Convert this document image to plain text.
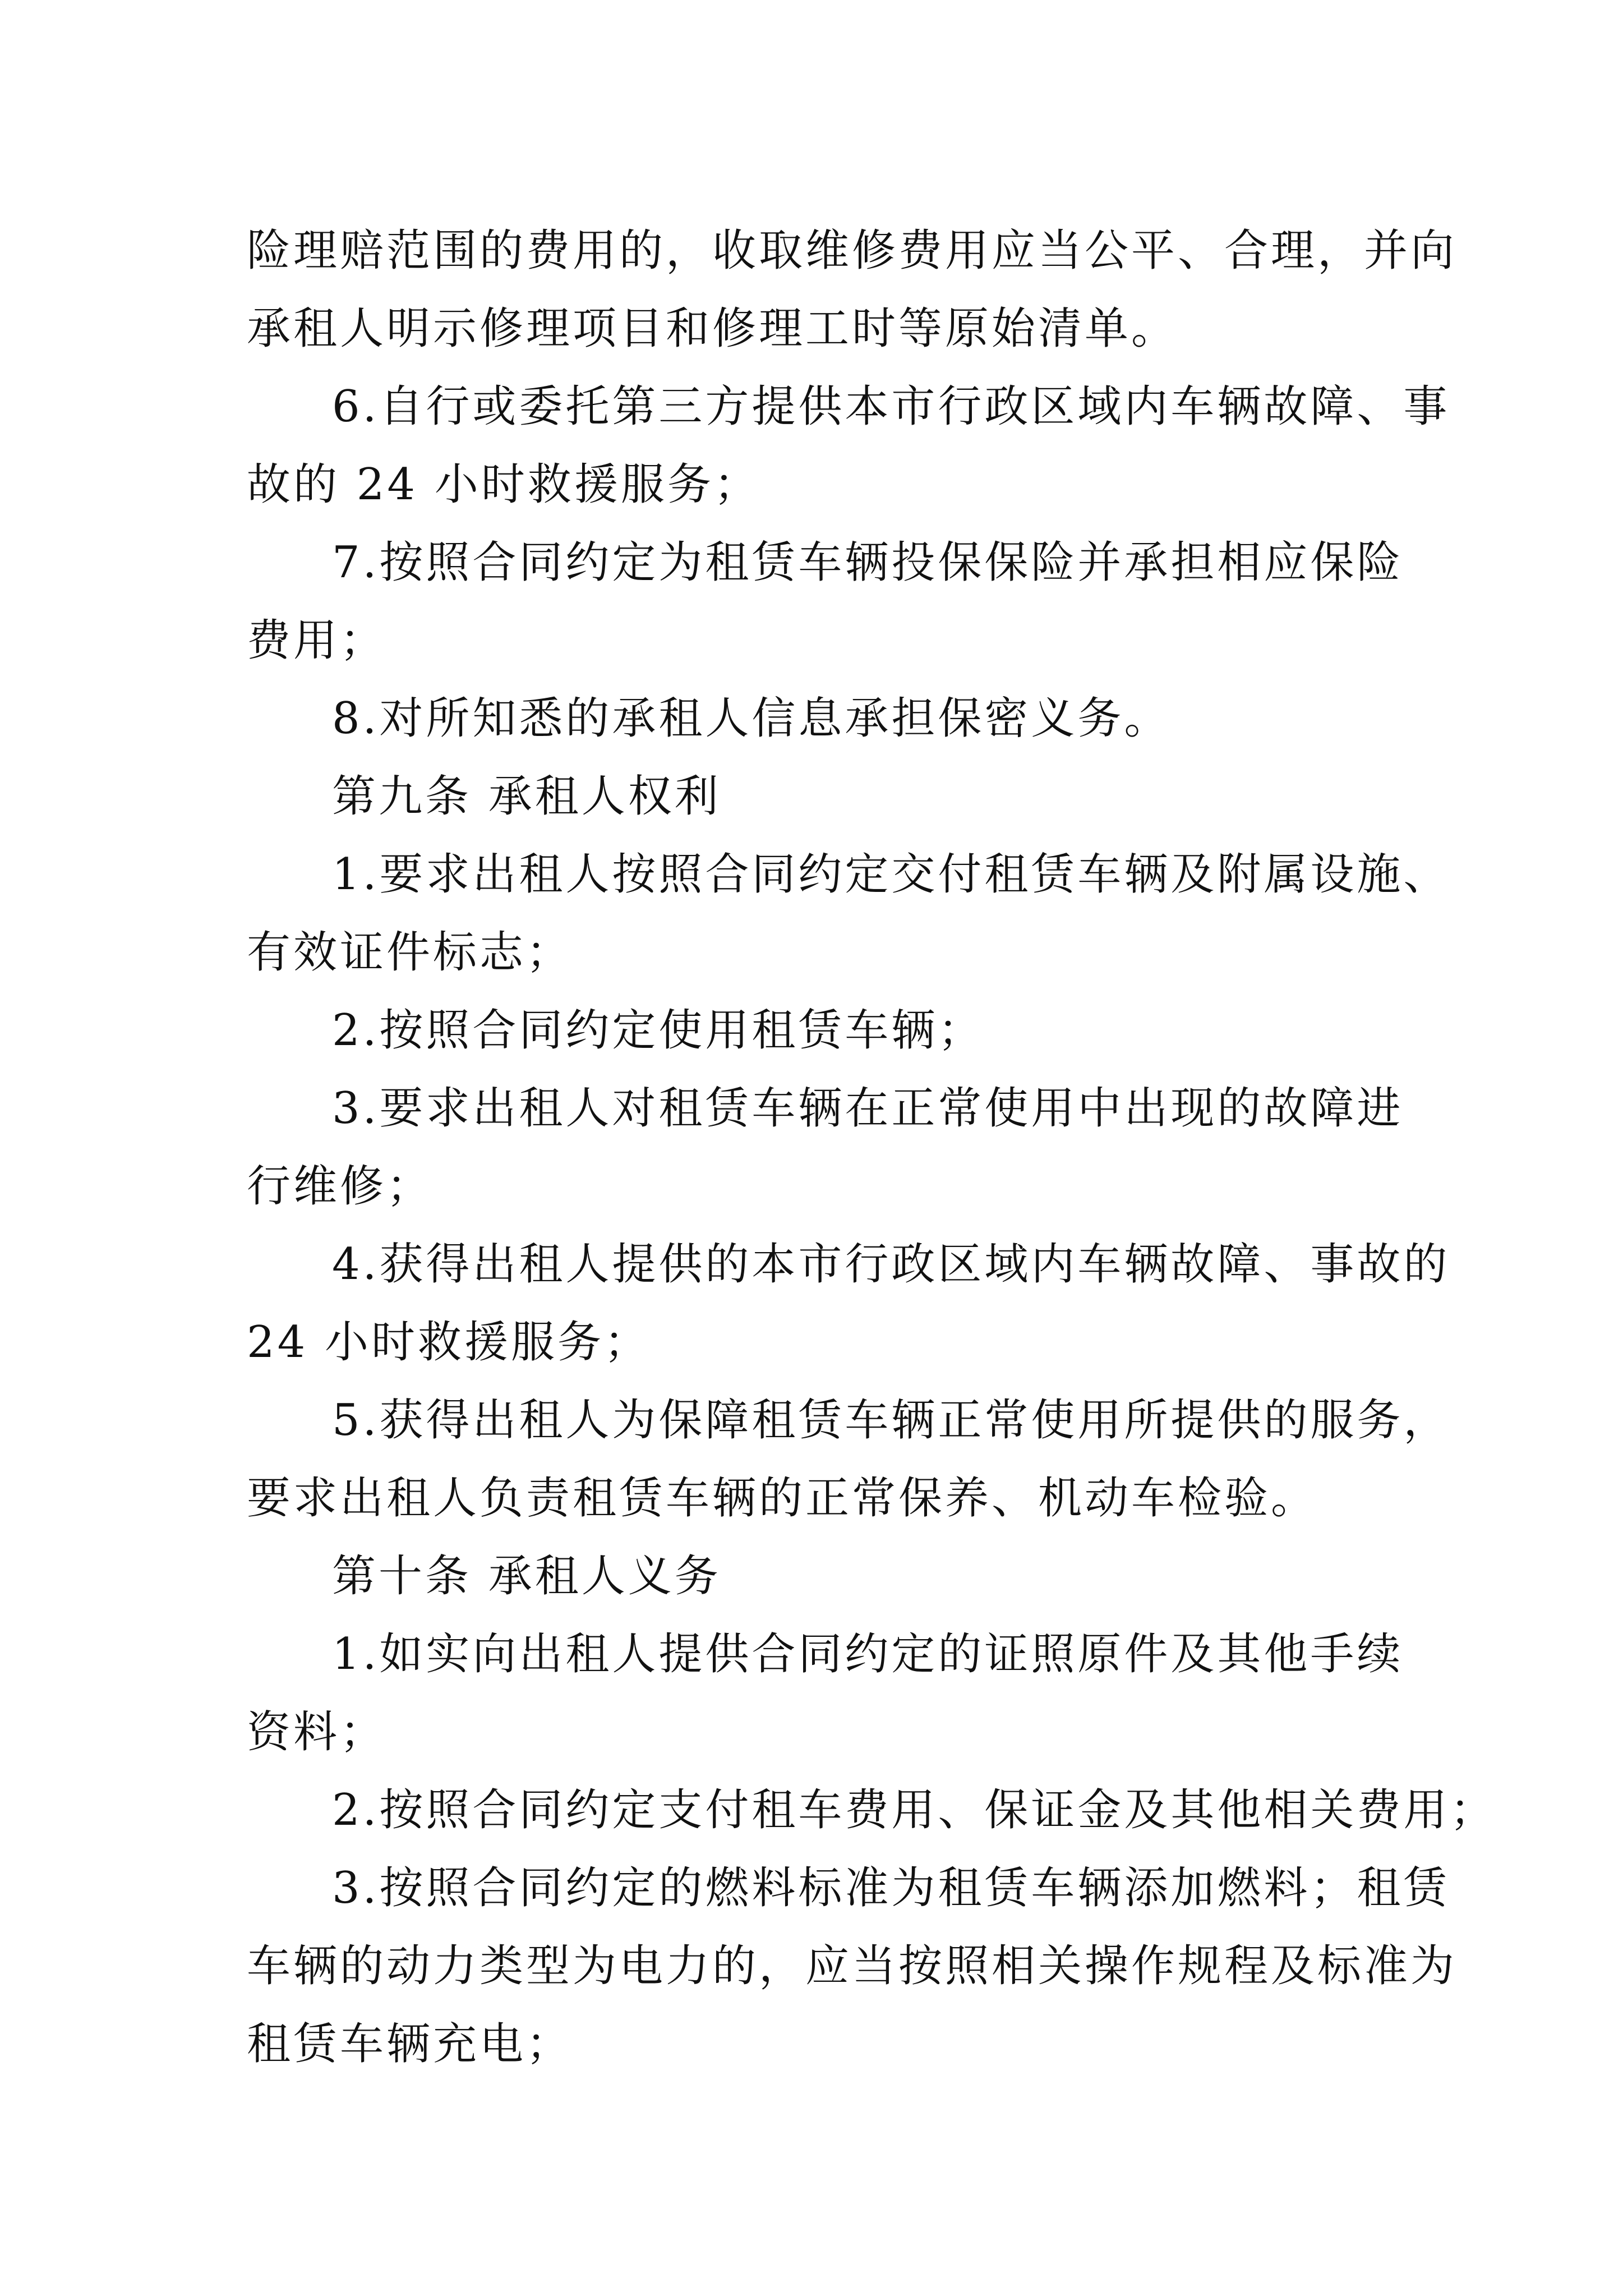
险理赔范围的费用的，收取维修费用应当公平、合理，并向

承租人明示修理项目和修理工时等原始清单。

6.自行或委托第三方提供本市行政区域内车辆故障、事

故的 24 小时救援服务；

7.按照合同约定为租赁车辆投保保险并承担相应保险

费用；

8.对所知悉的承租人信息承担保密义务。

第九条 承租人权利

1.要求出租人按照合同约定交付租赁车辆及附属设施、

有效证件标志；

2.按照合同约定使用租赁车辆；

3.要求出租人对租赁车辆在正常使用中出现的故障进

行维修；

4.获得出租人提供的本市行政区域内车辆故障、事故的

24 小时救援服务；

5.获得出租人为保障租赁车辆正常使用所提供的服务，

要求出租人负责租赁车辆的正常保养、机动车检验。

第十条 承租人义务

1.如实向出租人提供合同约定的证照原件及其他手续

资料；

2.按照合同约定支付租车费用、保证金及其他相关费用；

3.按照合同约定的燃料标准为租赁车辆添加燃料；租赁

车辆的动力类型为电力的，应当按照相关操作规程及标准为

租赁车辆充电；
